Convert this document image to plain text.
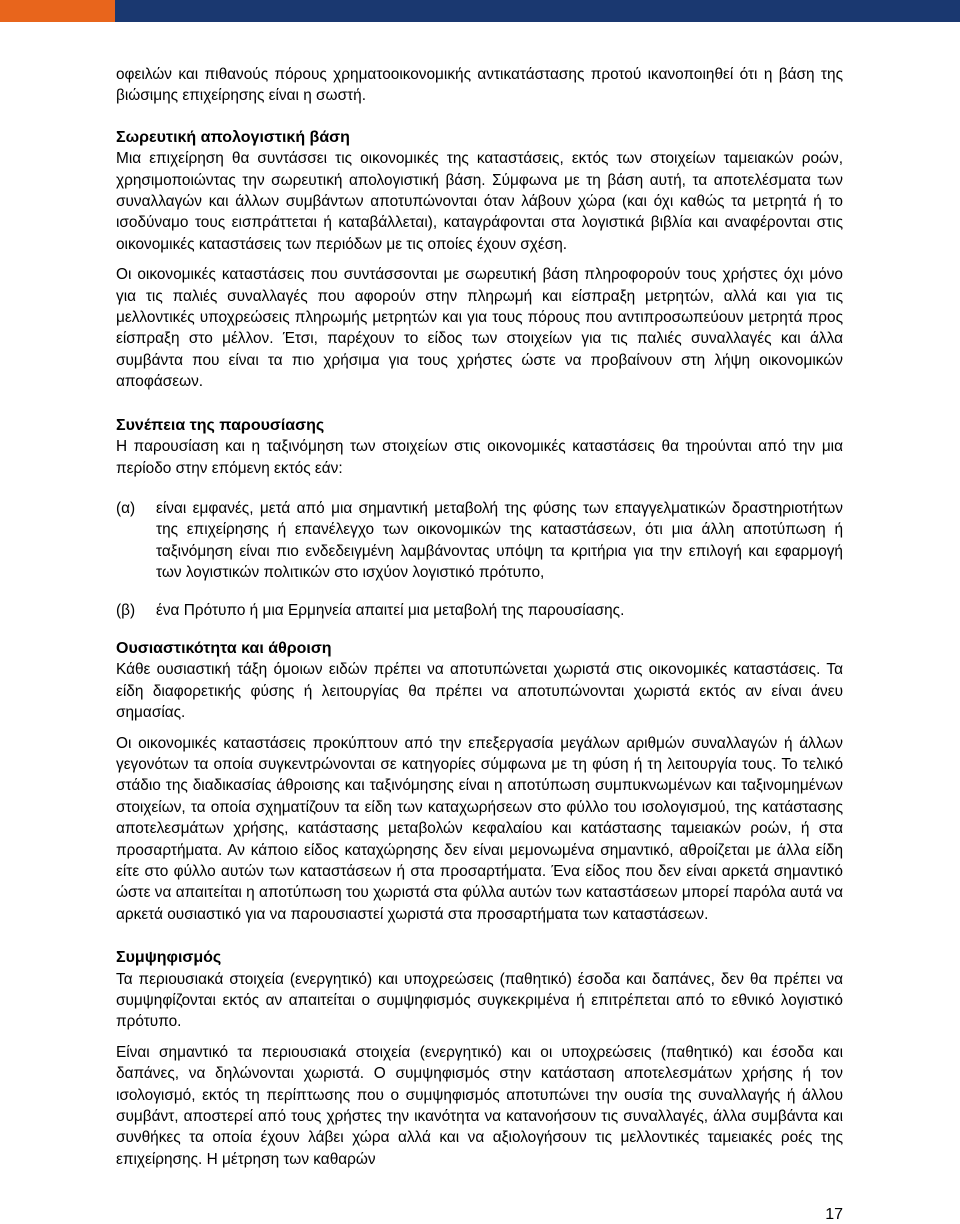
οφειλών και πιθανούς πόρους χρηματοοικονομικής αντικατάστασης προτού ικανοποιηθεί ότι η βάση της βιώσιμης επιχείρησης είναι η σωστή.

Σωρευτική απολογιστική βάση

Μια επιχείρηση θα συντάσσει τις οικονομικές της καταστάσεις, εκτός των στοιχείων ταμειακών ροών, χρησιμοποιώντας την σωρευτική απολογιστική βάση. Σύμφωνα με τη βάση αυτή, τα αποτελέσματα των συναλλαγών και άλλων συμβάντων αποτυπώνονται όταν λάβουν χώρα (και όχι καθώς τα μετρητά ή το ισοδύναμο τους εισπράττεται ή καταβάλλεται), καταγράφονται στα λογιστικά βιβλία και αναφέρονται στις οικονομικές καταστάσεις των περιόδων με τις οποίες έχουν σχέση.

Οι οικονομικές καταστάσεις που συντάσσονται με σωρευτική βάση πληροφορούν τους χρήστες όχι μόνο για τις παλιές συναλλαγές που αφορούν στην πληρωμή και είσπραξη μετρητών, αλλά και για τις μελλοντικές υποχρεώσεις πληρωμής μετρητών και για τους πόρους που αντιπροσωπεύουν μετρητά προς είσπραξη στο μέλλον. Έτσι, παρέχουν το είδος των στοιχείων για τις παλιές συναλλαγές και άλλα συμβάντα που είναι τα πιο χρήσιμα για τους χρήστες ώστε να προβαίνουν στη λήψη οικονομικών αποφάσεων.

Συνέπεια της παρουσίασης

Η παρουσίαση και η ταξινόμηση των στοιχείων στις οικονομικές καταστάσεις θα τηρούνται από την μια περίοδο στην επόμενη εκτός εάν:

(α)	είναι εμφανές, μετά από μια σημαντική μεταβολή της φύσης των επαγγελματικών δραστηριοτήτων της επιχείρησης ή επανέλεγχο των οικονομικών της καταστάσεων, ότι μια άλλη αποτύπωση ή ταξινόμηση είναι πιο ενδεδειγμένη λαμβάνοντας υπόψη τα κριτήρια για την επιλογή και εφαρμογή των λογιστικών πολιτικών στο ισχύον λογιστικό πρότυπο,
(β)	ένα Πρότυπο ή μια Ερμηνεία απαιτεί μια μεταβολή της παρουσίασης.
Ουσιαστικότητα και άθροιση

Κάθε ουσιαστική τάξη όμοιων ειδών πρέπει να αποτυπώνεται χωριστά στις οικονομικές καταστάσεις. Τα είδη διαφορετικής φύσης ή λειτουργίας θα πρέπει να αποτυπώνονται χωριστά εκτός αν είναι άνευ σημασίας.

Οι οικονομικές καταστάσεις προκύπτουν από την επεξεργασία μεγάλων αριθμών συναλλαγών ή άλλων γεγονότων τα οποία συγκεντρώνονται σε κατηγορίες σύμφωνα με τη φύση ή τη λειτουργία τους. Το τελικό στάδιο της διαδικασίας άθροισης και ταξινόμησης είναι η αποτύπωση συμπυκνωμένων και ταξινομημένων στοιχείων, τα οποία σχηματίζουν τα είδη των καταχωρήσεων στο φύλλο του ισολογισμού, της κατάστασης αποτελεσμάτων χρήσης, κατάστασης μεταβολών κεφαλαίου και κατάστασης ταμειακών ροών, ή στα προσαρτήματα. Αν κάποιο είδος καταχώρησης δεν είναι μεμονωμένα σημαντικό, αθροίζεται με άλλα είδη είτε στο φύλλο αυτών των καταστάσεων ή στα προσαρτήματα. Ένα είδος που δεν είναι αρκετά σημαντικό ώστε να απαιτείται η αποτύπωση του χωριστά στα φύλλα αυτών των καταστάσεων μπορεί παρόλα αυτά να αρκετά ουσιαστικό για να παρουσιαστεί χωριστά στα προσαρτήματα των καταστάσεων.

Συμψηφισμός

Τα περιουσιακά στοιχεία (ενεργητικό) και υποχρεώσεις (παθητικό) έσοδα και δαπάνες, δεν θα πρέπει να συμψηφίζονται εκτός αν απαιτείται ο συμψηφισμός συγκεκριμένα ή επιτρέπεται από το εθνικό λογιστικό πρότυπο.

Είναι σημαντικό τα περιουσιακά στοιχεία (ενεργητικό) και οι υποχρεώσεις (παθητικό) και έσοδα και δαπάνες, να δηλώνονται χωριστά. Ο συμψηφισμός στην κατάσταση αποτελεσμάτων χρήσης ή τον ισολογισμό, εκτός τη περίπτωσης που ο συμψηφισμός αποτυπώνει την ουσία της συναλλαγής ή άλλου συμβάντ, αποστερεί από τους χρήστες την ικανότητα να κατανοήσουν τις συναλλαγές, άλλα συμβάντα και συνθήκες τα οποία έχουν λάβει χώρα αλλά και να αξιολογήσουν τις μελλοντικές ταμειακές ροές της επιχείρησης. Η μέτρηση των καθαρών

17
